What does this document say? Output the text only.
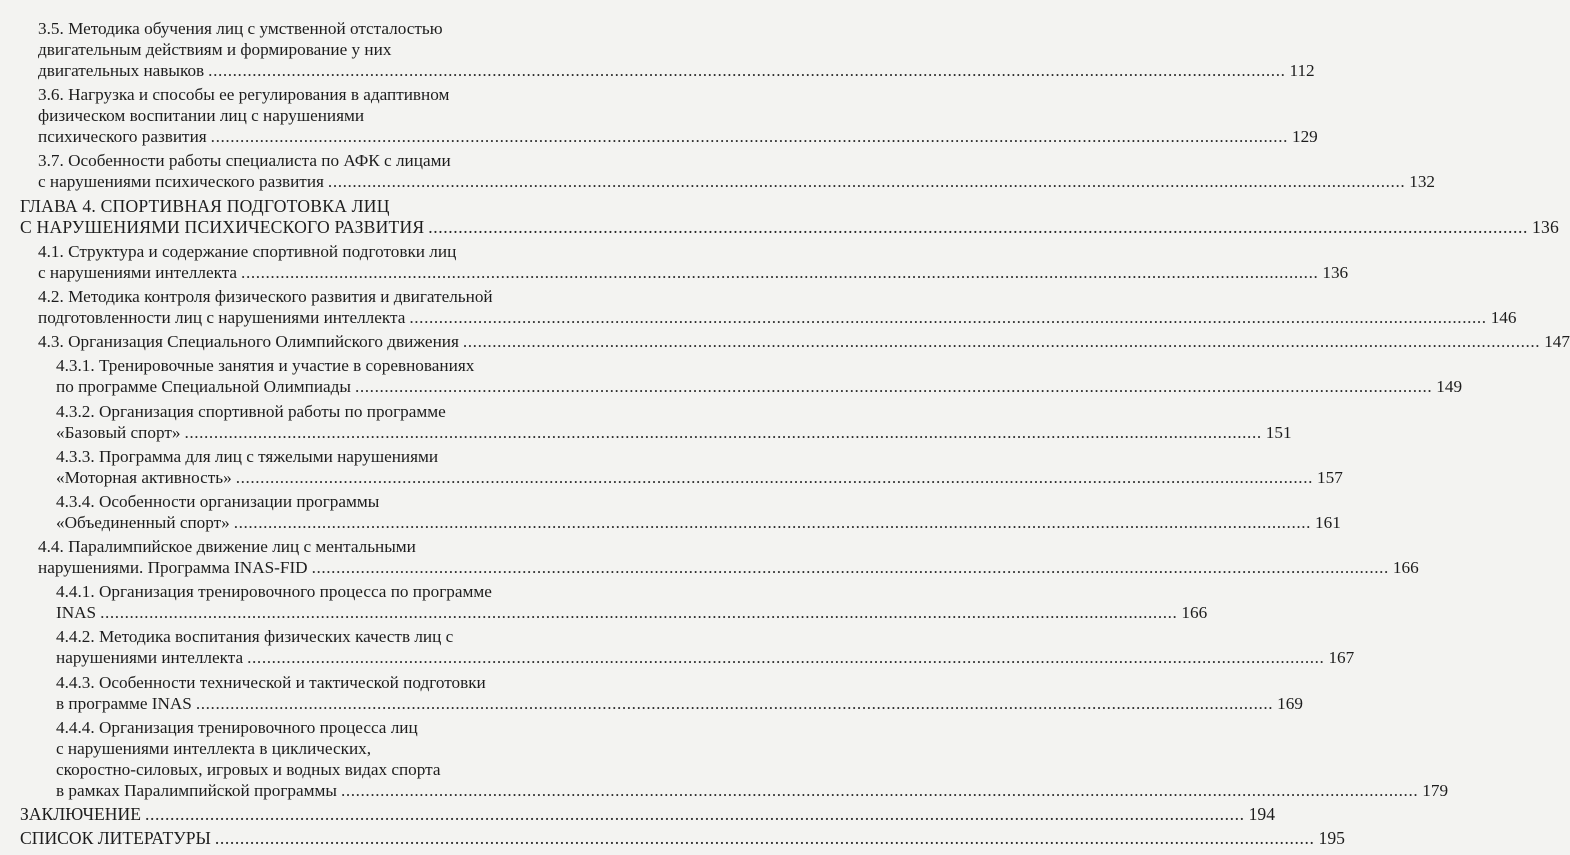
3.5. Методика обучения лиц с умственной отсталостью
двигательным действиям и формирование у них
двигательных навыков ............................................................................................................................................................................................................................ 112
3.6. Нагрузка и способы ее регулирования в адаптивном
физическом воспитании лиц с нарушениями
психического развития ............................................................................................................................................................................................................................ 129
3.7. Особенности работы специалиста по АФК с лицами
с нарушениями психического развития ............................................................................................................................................................................................................................ 132
ГЛАВА 4. СПОРТИВНАЯ ПОДГОТОВКА ЛИЦ
С НАРУШЕНИЯМИ ПСИХИЧЕСКОГО РАЗВИТИЯ ............................................................................................................................................................................................................................ 136
4.1. Структура и содержание спортивной подготовки лиц
с нарушениями интеллекта ............................................................................................................................................................................................................................ 136
4.2. Методика контроля физического развития и двигательной
подготовленности лиц с нарушениями интеллекта ............................................................................................................................................................................................................................ 146
4.3. Организация Специального Олимпийского движения ............................................................................................................................................................................................................................ 147
4.3.1. Тренировочные занятия и участие в соревнованиях
по программе Специальной Олимпиады ............................................................................................................................................................................................................................ 149
4.3.2. Организация спортивной работы по программе
«Базовый спорт» ............................................................................................................................................................................................................................ 151
4.3.3. Программа для лиц с тяжелыми нарушениями
«Моторная активность» ............................................................................................................................................................................................................................ 157
4.3.4. Особенности организации программы
«Объединенный спорт» ............................................................................................................................................................................................................................ 161
4.4. Паралимпийское движение лиц с ментальными
нарушениями. Программа INAS-FID ............................................................................................................................................................................................................................ 166
4.4.1. Организация тренировочного процесса по программе
INAS ............................................................................................................................................................................................................................ 166
4.4.2. Методика воспитания физических качеств лиц с
нарушениями интеллекта ............................................................................................................................................................................................................................ 167
4.4.3. Особенности технической и тактической подготовки
в программе INAS ............................................................................................................................................................................................................................ 169
4.4.4. Организация тренировочного процесса лиц
с нарушениями интеллекта в циклических,
скоростно-силовых, игровых и водных видах спорта
в рамках Паралимпийской программы ............................................................................................................................................................................................................................ 179
ЗАКЛЮЧЕНИЕ ............................................................................................................................................................................................................................ 194
СПИСОК ЛИТЕРАТУРЫ ............................................................................................................................................................................................................................ 195
